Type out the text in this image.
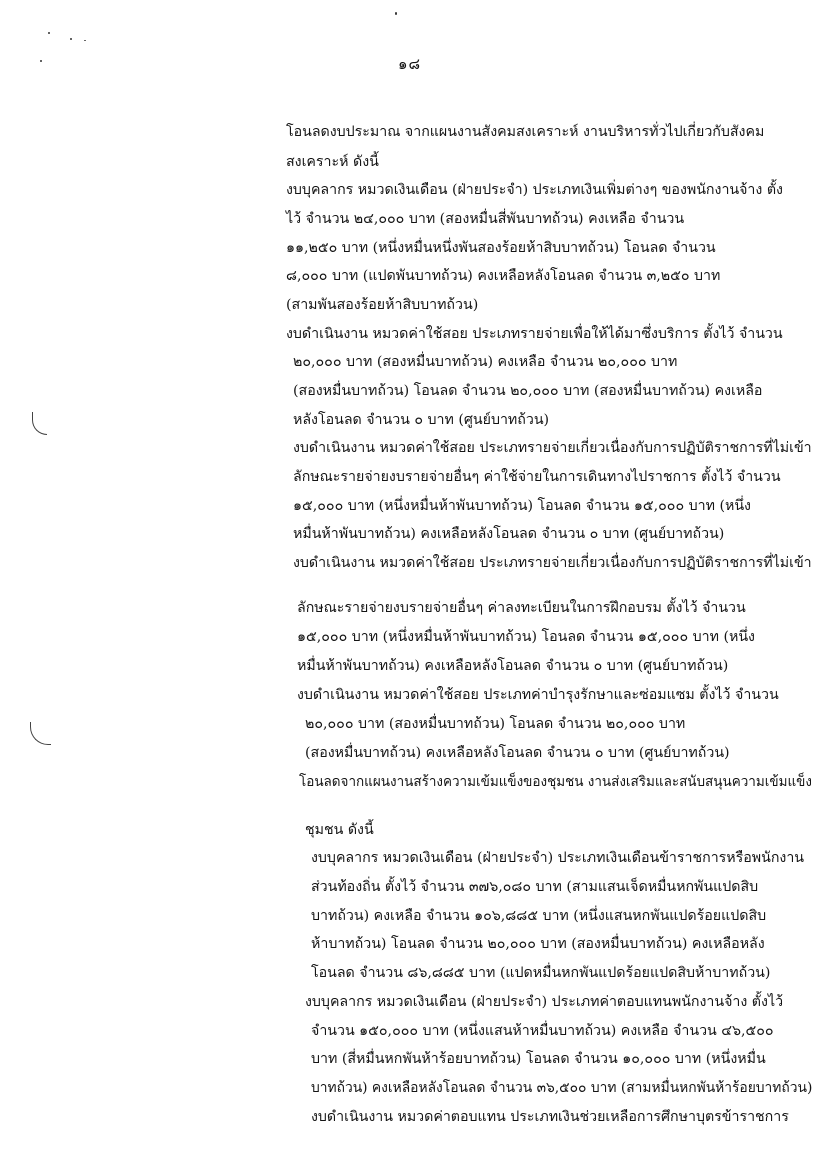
๑๘
โอนลดงบประมาณ จากแผนงานสังคมสงเคราะห์ งานบริหารทั่วไปเกี่ยวกับสังคม
สงเคราะห์ ดังนี้
งบบุคลากร หมวดเงินเดือน (ฝ่ายประจำ) ประเภทเงินเพิ่มต่างๆ ของพนักงานจ้าง ตั้ง
ไว้ จำนวน ๒๔,๐๐๐ บาท (สองหมื่นสี่พันบาทถ้วน) คงเหลือ จำนวน
๑๑,๒๕๐ บาท (หนึ่งหมื่นหนึ่งพันสองร้อยห้าสิบบาทถ้วน) โอนลด จำนวน
๘,๐๐๐ บาท (แปดพันบาทถ้วน) คงเหลือหลังโอนลด จำนวน ๓,๒๕๐ บาท
(สามพันสองร้อยห้าสิบบาทถ้วน)
งบดำเนินงาน หมวดค่าใช้สอย ประเภทรายจ่ายเพื่อให้ได้มาซึ่งบริการ ตั้งไว้ จำนวน
๒๐,๐๐๐ บาท (สองหมื่นบาทถ้วน) คงเหลือ จำนวน ๒๐,๐๐๐ บาท
(สองหมื่นบาทถ้วน) โอนลด จำนวน ๒๐,๐๐๐ บาท (สองหมื่นบาทถ้วน) คงเหลือ
หลังโอนลด จำนวน ๐ บาท (ศูนย์บาทถ้วน)
งบดำเนินงาน หมวดค่าใช้สอย ประเภทรายจ่ายเกี่ยวเนื่องกับการปฏิบัติราชการที่ไม่เข้า
ลักษณะรายจ่ายงบรายจ่ายอื่นๆ ค่าใช้จ่ายในการเดินทางไปราชการ ตั้งไว้ จำนวน
๑๕,๐๐๐ บาท (หนึ่งหมื่นห้าพันบาทถ้วน) โอนลด จำนวน ๑๕,๐๐๐ บาท (หนึ่ง
หมื่นห้าพันบาทถ้วน) คงเหลือหลังโอนลด จำนวน ๐ บาท (ศูนย์บาทถ้วน)
งบดำเนินงาน หมวดค่าใช้สอย ประเภทรายจ่ายเกี่ยวเนื่องกับการปฏิบัติราชการที่ไม่เข้า
ลักษณะรายจ่ายงบรายจ่ายอื่นๆ ค่าลงทะเบียนในการฝึกอบรม ตั้งไว้ จำนวน
๑๕,๐๐๐ บาท (หนึ่งหมื่นห้าพันบาทถ้วน) โอนลด จำนวน ๑๕,๐๐๐ บาท (หนึ่ง
หมื่นห้าพันบาทถ้วน) คงเหลือหลังโอนลด จำนวน ๐ บาท (ศูนย์บาทถ้วน)
งบดำเนินงาน หมวดค่าใช้สอย ประเภทค่าบำรุงรักษาและซ่อมแซม ตั้งไว้ จำนวน
๒๐,๐๐๐ บาท (สองหมื่นบาทถ้วน) โอนลด จำนวน ๒๐,๐๐๐ บาท
(สองหมื่นบาทถ้วน) คงเหลือหลังโอนลด จำนวน ๐ บาท (ศูนย์บาทถ้วน)
โอนลดจากแผนงานสร้างความเข้มแข็งของชุมชน งานส่งเสริมและสนับสนุนความเข้มแข็ง
ชุมชน ดังนี้
งบบุคลากร หมวดเงินเดือน (ฝ่ายประจำ) ประเภทเงินเดือนข้าราชการหรือพนักงาน
ส่วนท้องถิ่น ตั้งไว้ จำนวน ๓๗๖,๐๘๐ บาท (สามแสนเจ็ดหมื่นหกพันแปดสิบ
บาทถ้วน) คงเหลือ จำนวน ๑๐๖,๘๘๕ บาท (หนึ่งแสนหกพันแปดร้อยแปดสิบ
ห้าบาทถ้วน) โอนลด จำนวน ๒๐,๐๐๐ บาท (สองหมื่นบาทถ้วน) คงเหลือหลัง
โอนลด จำนวน ๘๖,๘๘๕ บาท (แปดหมื่นหกพันแปดร้อยแปดสิบห้าบาทถ้วน)
งบบุคลากร หมวดเงินเดือน (ฝ่ายประจำ) ประเภทค่าตอบแทนพนักงานจ้าง ตั้งไว้
จำนวน ๑๕๐,๐๐๐ บาท (หนึ่งแสนห้าหมื่นบาทถ้วน) คงเหลือ จำนวน ๔๖,๕๐๐
บาท (สี่หมื่นหกพันห้าร้อยบาทถ้วน) โอนลด จำนวน ๑๐,๐๐๐ บาท (หนึ่งหมื่น
บาทถ้วน) คงเหลือหลังโอนลด จำนวน ๓๖,๕๐๐ บาท (สามหมื่นหกพันห้าร้อยบาทถ้วน)
งบดำเนินงาน หมวดค่าตอบแทน ประเภทเงินช่วยเหลือการศึกษาบุตรข้าราชการ
